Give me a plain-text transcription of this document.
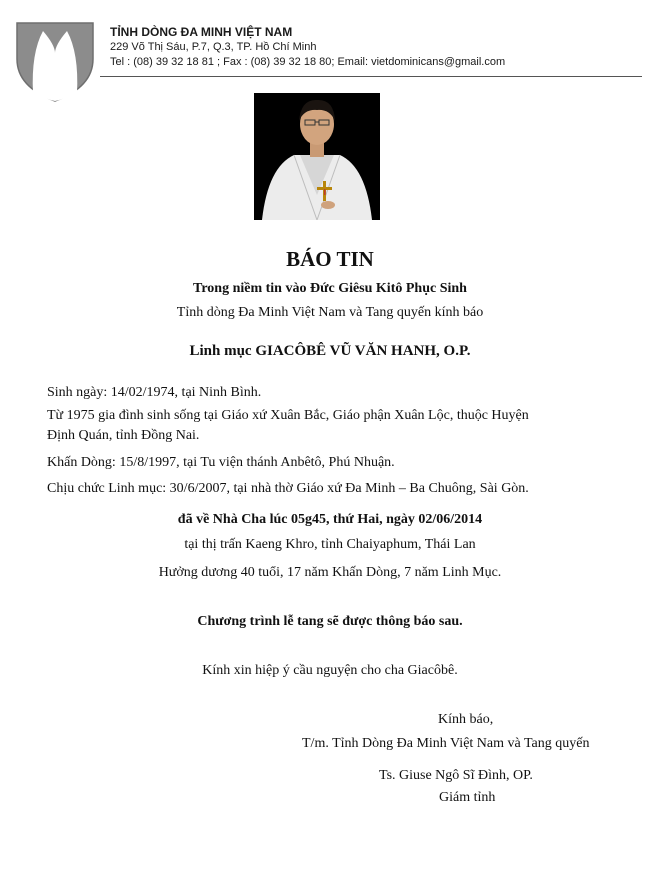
TỈNH DÒNG ĐA MINH VIỆT NAM
229 Võ Thị Sáu, P.7, Q.3, TP. Hồ Chí Minh
Tel : (08) 39 32 18 81 ; Fax : (08) 39 32 18 80; Email: vietdominicans@gmail.com
BÁO TIN
Trong niềm tin vào Đức Giêsu Kitô Phục Sinh
Tỉnh dòng Đa Minh Việt Nam và Tang quyến kính báo
Linh mục GIACÔBÊ VŨ VĂN HANH, O.P.
Sinh ngày: 14/02/1974, tại Ninh Bình.
Từ 1975 gia đình sinh sống tại Giáo xứ Xuân Bắc, Giáo phận Xuân Lộc, thuộc Huyện
Định Quán, tỉnh Đồng Nai.
Khấn Dòng: 15/8/1997, tại Tu viện thánh Anbêtô, Phú Nhuận.
Chịu chức Linh mục: 30/6/2007, tại nhà thờ Giáo xứ Đa Minh – Ba Chuông, Sài Gòn.
đã về Nhà Cha lúc 05g45, thứ Hai, ngày 02/06/2014
tại thị trấn Kaeng Khro, tỉnh Chaiyaphum, Thái Lan
Hưởng dương 40 tuổi, 17 năm Khấn Dòng, 7 năm Linh Mục.
Chương trình lễ tang sẽ được thông báo sau.
Kính xin hiệp ý cầu nguyện cho cha Giacôbê.
Kính báo,
T/m. Tỉnh Dòng Đa Minh Việt Nam và Tang quyến
Ts. Giuse Ngô Sĩ Đình, OP.
Giám tỉnh
